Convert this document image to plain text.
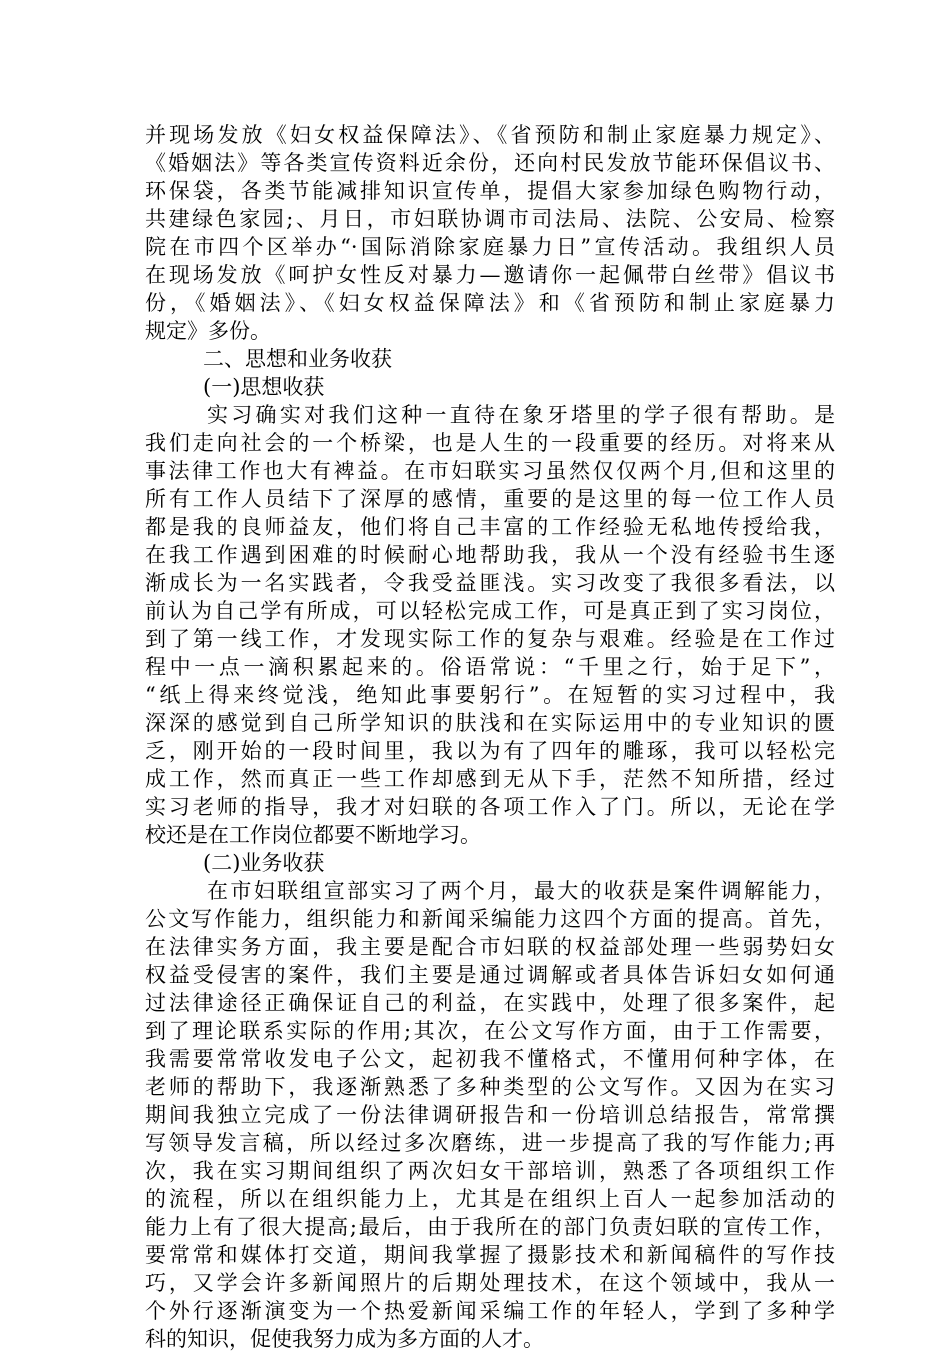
并现场发放《妇女权益保障法》、《省预防和制止家庭暴力规定》、
《婚姻法》等各类宣传资料近余份，还向村民发放节能环保倡议书、
环保袋，各类节能减排知识宣传单，提倡大家参加绿色购物行动，
共建绿色家园;、月日，市妇联协调市司法局、法院、公安局、检察
院在市四个区举办“·国际消除家庭暴力日”宣传活动。我组织人员
在现场发放《呵护女性反对暴力—邀请你一起佩带白丝带》倡议书
份，《婚姻法》、《妇女权益保障法》和《省预防和制止家庭暴力
规定》多份。
二、思想和业务收获
(一)思想收获
实习确实对我们这种一直待在象牙塔里的学子很有帮助。是
我们走向社会的一个桥梁，也是人生的一段重要的经历。对将来从
事法律工作也大有裨益。在市妇联实习虽然仅仅两个月,但和这里的
所有工作人员结下了深厚的感情，重要的是这里的每一位工作人员
都是我的良师益友，他们将自己丰富的工作经验无私地传授给我，
在我工作遇到困难的时候耐心地帮助我，我从一个没有经验书生逐
渐成长为一名实践者，令我受益匪浅。实习改变了我很多看法，以
前认为自己学有所成，可以轻松完成工作，可是真正到了实习岗位，
到了第一线工作，才发现实际工作的复杂与艰难。经验是在工作过
程中一点一滴积累起来的。俗语常说：“千里之行，始于足下”，
“纸上得来终觉浅，绝知此事要躬行”。在短暂的实习过程中，我
深深的感觉到自己所学知识的肤浅和在实际运用中的专业知识的匮
乏，刚开始的一段时间里，我以为有了四年的雕琢，我可以轻松完
成工作，然而真正一些工作却感到无从下手，茫然不知所措，经过
实习老师的指导，我才对妇联的各项工作入了门。所以，无论在学
校还是在工作岗位都要不断地学习。
(二)业务收获
在市妇联组宣部实习了两个月，最大的收获是案件调解能力，
公文写作能力，组织能力和新闻采编能力这四个方面的提高。首先，
在法律实务方面，我主要是配合市妇联的权益部处理一些弱势妇女
权益受侵害的案件，我们主要是通过调解或者具体告诉妇女如何通
过法律途径正确保证自己的利益，在实践中，处理了很多案件，起
到了理论联系实际的作用;其次，在公文写作方面，由于工作需要，
我需要常常收发电子公文，起初我不懂格式，不懂用何种字体，在
老师的帮助下，我逐渐熟悉了多种类型的公文写作。又因为在实习
期间我独立完成了一份法律调研报告和一份培训总结报告，常常撰
写领导发言稿，所以经过多次磨练，进一步提高了我的写作能力;再
次，我在实习期间组织了两次妇女干部培训，熟悉了各项组织工作
的流程，所以在组织能力上，尤其是在组织上百人一起参加活动的
能力上有了很大提高;最后，由于我所在的部门负责妇联的宣传工作，
要常常和媒体打交道，期间我掌握了摄影技术和新闻稿件的写作技
巧，又学会许多新闻照片的后期处理技术，在这个领域中，我从一
个外行逐渐演变为一个热爱新闻采编工作的年轻人，学到了多种学
科的知识，促使我努力成为多方面的人才。
